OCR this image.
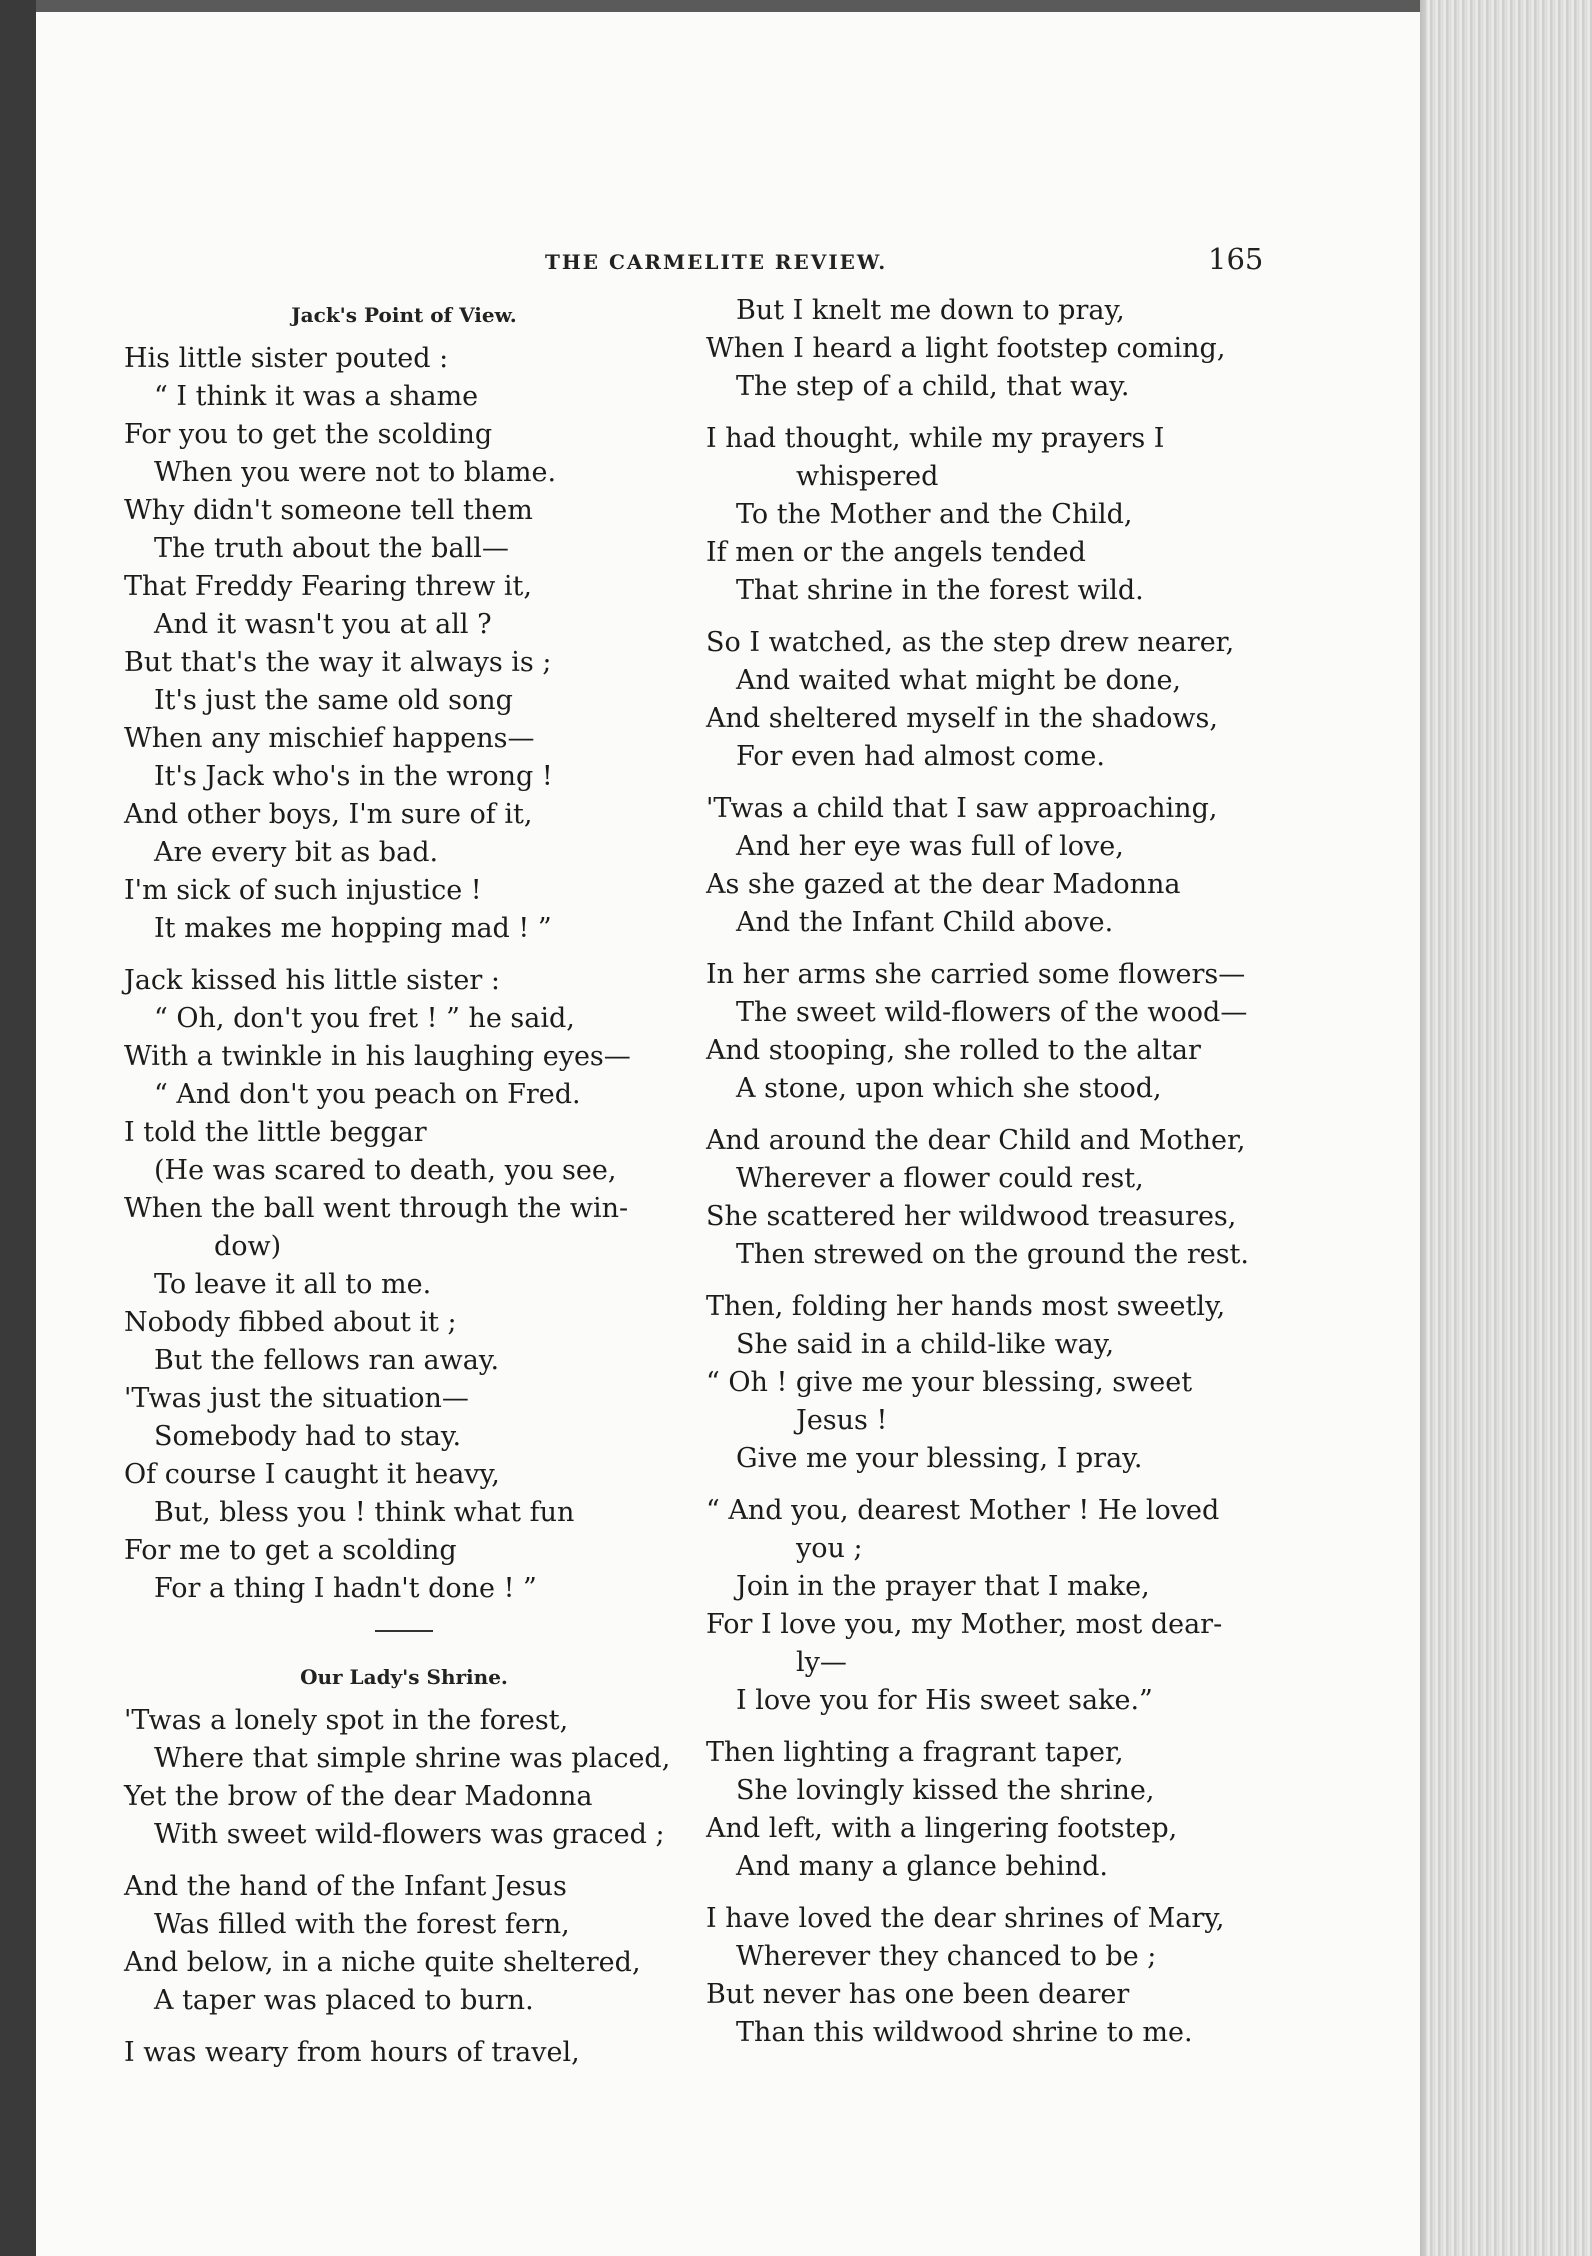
THE CARMELITE REVIEW.	165
Jack's Point of View.
His little sister pouted :
“ I think it was a shame
For you to get the scolding
When you were not to blame.
Why didn't someone tell them
The truth about the ball—
That Freddy Fearing threw it,
And it wasn't you at all ?
But that's the way it always is ;
It's just the same old song
When any mischief happens—
It's Jack who's in the wrong !
And other boys, I'm sure of it,
Are every bit as bad.
I'm sick of such injustice !
It makes me hopping mad ! ”
Jack kissed his little sister :
“ Oh, don't you fret ! ” he said,
With a twinkle in his laughing eyes—
“ And don't you peach on Fred.
I told the little beggar
(He was scared to death, you see,
When the ball went through the win-
dow)
To leave it all to me.
Nobody fibbed about it ;
But the fellows ran away.
'Twas just the situation—
Somebody had to stay.
Of course I caught it heavy,
But, bless you ! think what fun
For me to get a scolding
For a thing I hadn't done ! ”
Our Lady's Shrine.
'Twas a lonely spot in the forest,
Where that simple shrine was placed,
Yet the brow of the dear Madonna
With sweet wild-flowers was graced ;
And the hand of the Infant Jesus
Was filled with the forest fern,
And below, in a niche quite sheltered,
A taper was placed to burn.
I was weary from hours of travel,
But I knelt me down to pray,
When I heard a light footstep coming,
The step of a child, that way.
I had thought, while my prayers I
whispered
To the Mother and the Child,
If men or the angels tended
That shrine in the forest wild.
So I watched, as the step drew nearer,
And waited what might be done,
And sheltered myself in the shadows,
For even had almost come.
'Twas a child that I saw approaching,
And her eye was full of love,
As she gazed at the dear Madonna
And the Infant Child above.
In her arms she carried some flowers—
The sweet wild-flowers of the wood—
And stooping, she rolled to the altar
A stone, upon which she stood,
And around the dear Child and Mother,
Wherever a flower could rest,
She scattered her wildwood treasures,
Then strewed on the ground the rest.
Then, folding her hands most sweetly,
She said in a child-like way,
“ Oh ! give me your blessing, sweet
Jesus !
Give me your blessing, I pray.
“ And you, dearest Mother ! He loved
you ;
Join in the prayer that I make,
For I love you, my Mother, most dear-
ly—
I love you for His sweet sake.”
Then lighting a fragrant taper,
She lovingly kissed the shrine,
And left, with a lingering footstep,
And many a glance behind.
I have loved the dear shrines of Mary,
Wherever they chanced to be ;
But never has one been dearer
Than this wildwood shrine to me.
